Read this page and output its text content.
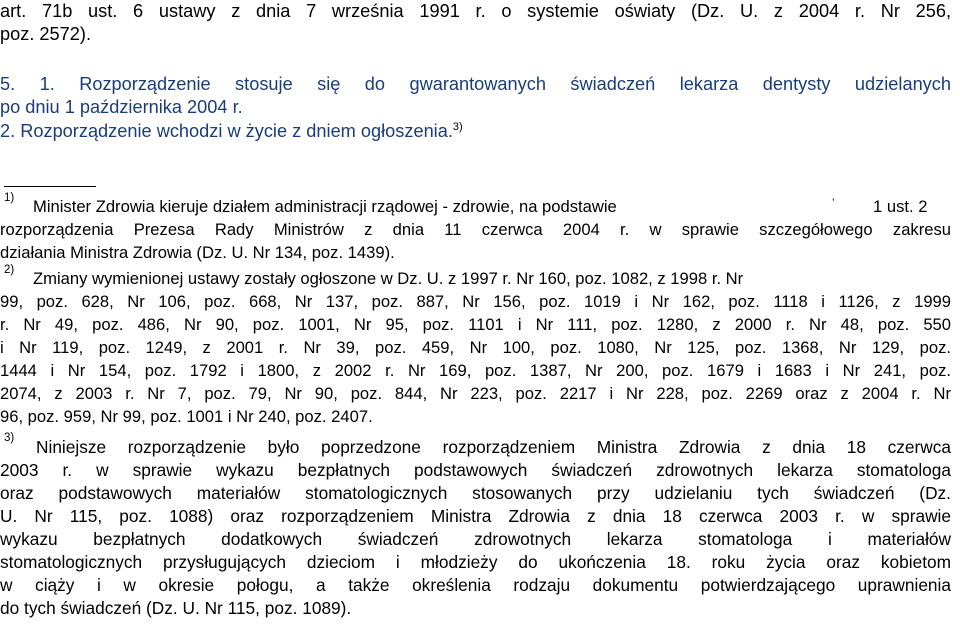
art. 71b ust. 6 ustawy z dnia 7 września 1991 r. o systemie oświaty (Dz. U. z 2004 r. Nr 256,
poz. 2572).
5. 1. Rozporządzenie stosuje się do gwarantowanych świadczeń lekarza dentysty udzielanych
po dniu 1 października 2004 r.
2. Rozporządzenie wchodzi w życie z dniem ogłoszenia.$^{3)}$
1) Minister Zdrowia kieruje działem administracji rządowej - zdrowie, na podstawie	’ 1 ust. 2
rozporządzenia Prezesa Rady Ministrów z dnia 11 czerwca 2004 r. w sprawie szczegółowego zakresu
działania Ministra Zdrowia (Dz. U. Nr 134, poz. 1439).
2) Zmiany wymienionej ustawy zostały ogłoszone w Dz. U. z 1997 r. Nr 160, poz. 1082, z 1998 r. Nr
99, poz. 628, Nr 106, poz. 668, Nr 137, poz. 887, Nr 156, poz. 1019 i Nr 162, poz. 1118 i 1126, z 1999
r. Nr 49, poz. 486, Nr 90, poz. 1001, Nr 95, poz. 1101 i Nr 111, poz. 1280, z 2000 r. Nr 48, poz. 550
i Nr 119, poz. 1249, z 2001 r. Nr 39, poz. 459, Nr 100, poz. 1080, Nr 125, poz. 1368, Nr 129, poz.
1444 i Nr 154, poz. 1792 i 1800, z 2002 r. Nr 169, poz. 1387, Nr 200, poz. 1679 i 1683 i Nr 241, poz.
2074, z 2003 r. Nr 7, poz. 79, Nr 90, poz. 844, Nr 223, poz. 2217 i Nr 228, poz. 2269 oraz z 2004 r. Nr
96, poz. 959, Nr 99, poz. 1001 i Nr 240, poz. 2407.
3) Niniejsze rozporządzenie było poprzedzone rozporządzeniem Ministra Zdrowia z dnia 18 czerwca
2003 r. w sprawie wykazu bezpłatnych podstawowych świadczeń zdrowotnych lekarza stomatologa
oraz podstawowych materiałów stomatologicznych stosowanych przy udzielaniu tych świadczeń (Dz.
U. Nr 115, poz. 1088) oraz rozporządzeniem Ministra Zdrowia z dnia 18 czerwca 2003 r. w sprawie
wykazu bezpłatnych dodatkowych świadczeń zdrowotnych lekarza stomatologa i materiałów
stomatologicznych przysługujących dzieciom i młodzieży do ukończenia 18. roku życia oraz kobietom
w ciąży i w okresie połogu, a także określenia rodzaju dokumentu potwierdzającego uprawnienia
do tych świadczeń (Dz. U. Nr 115, poz. 1089).
